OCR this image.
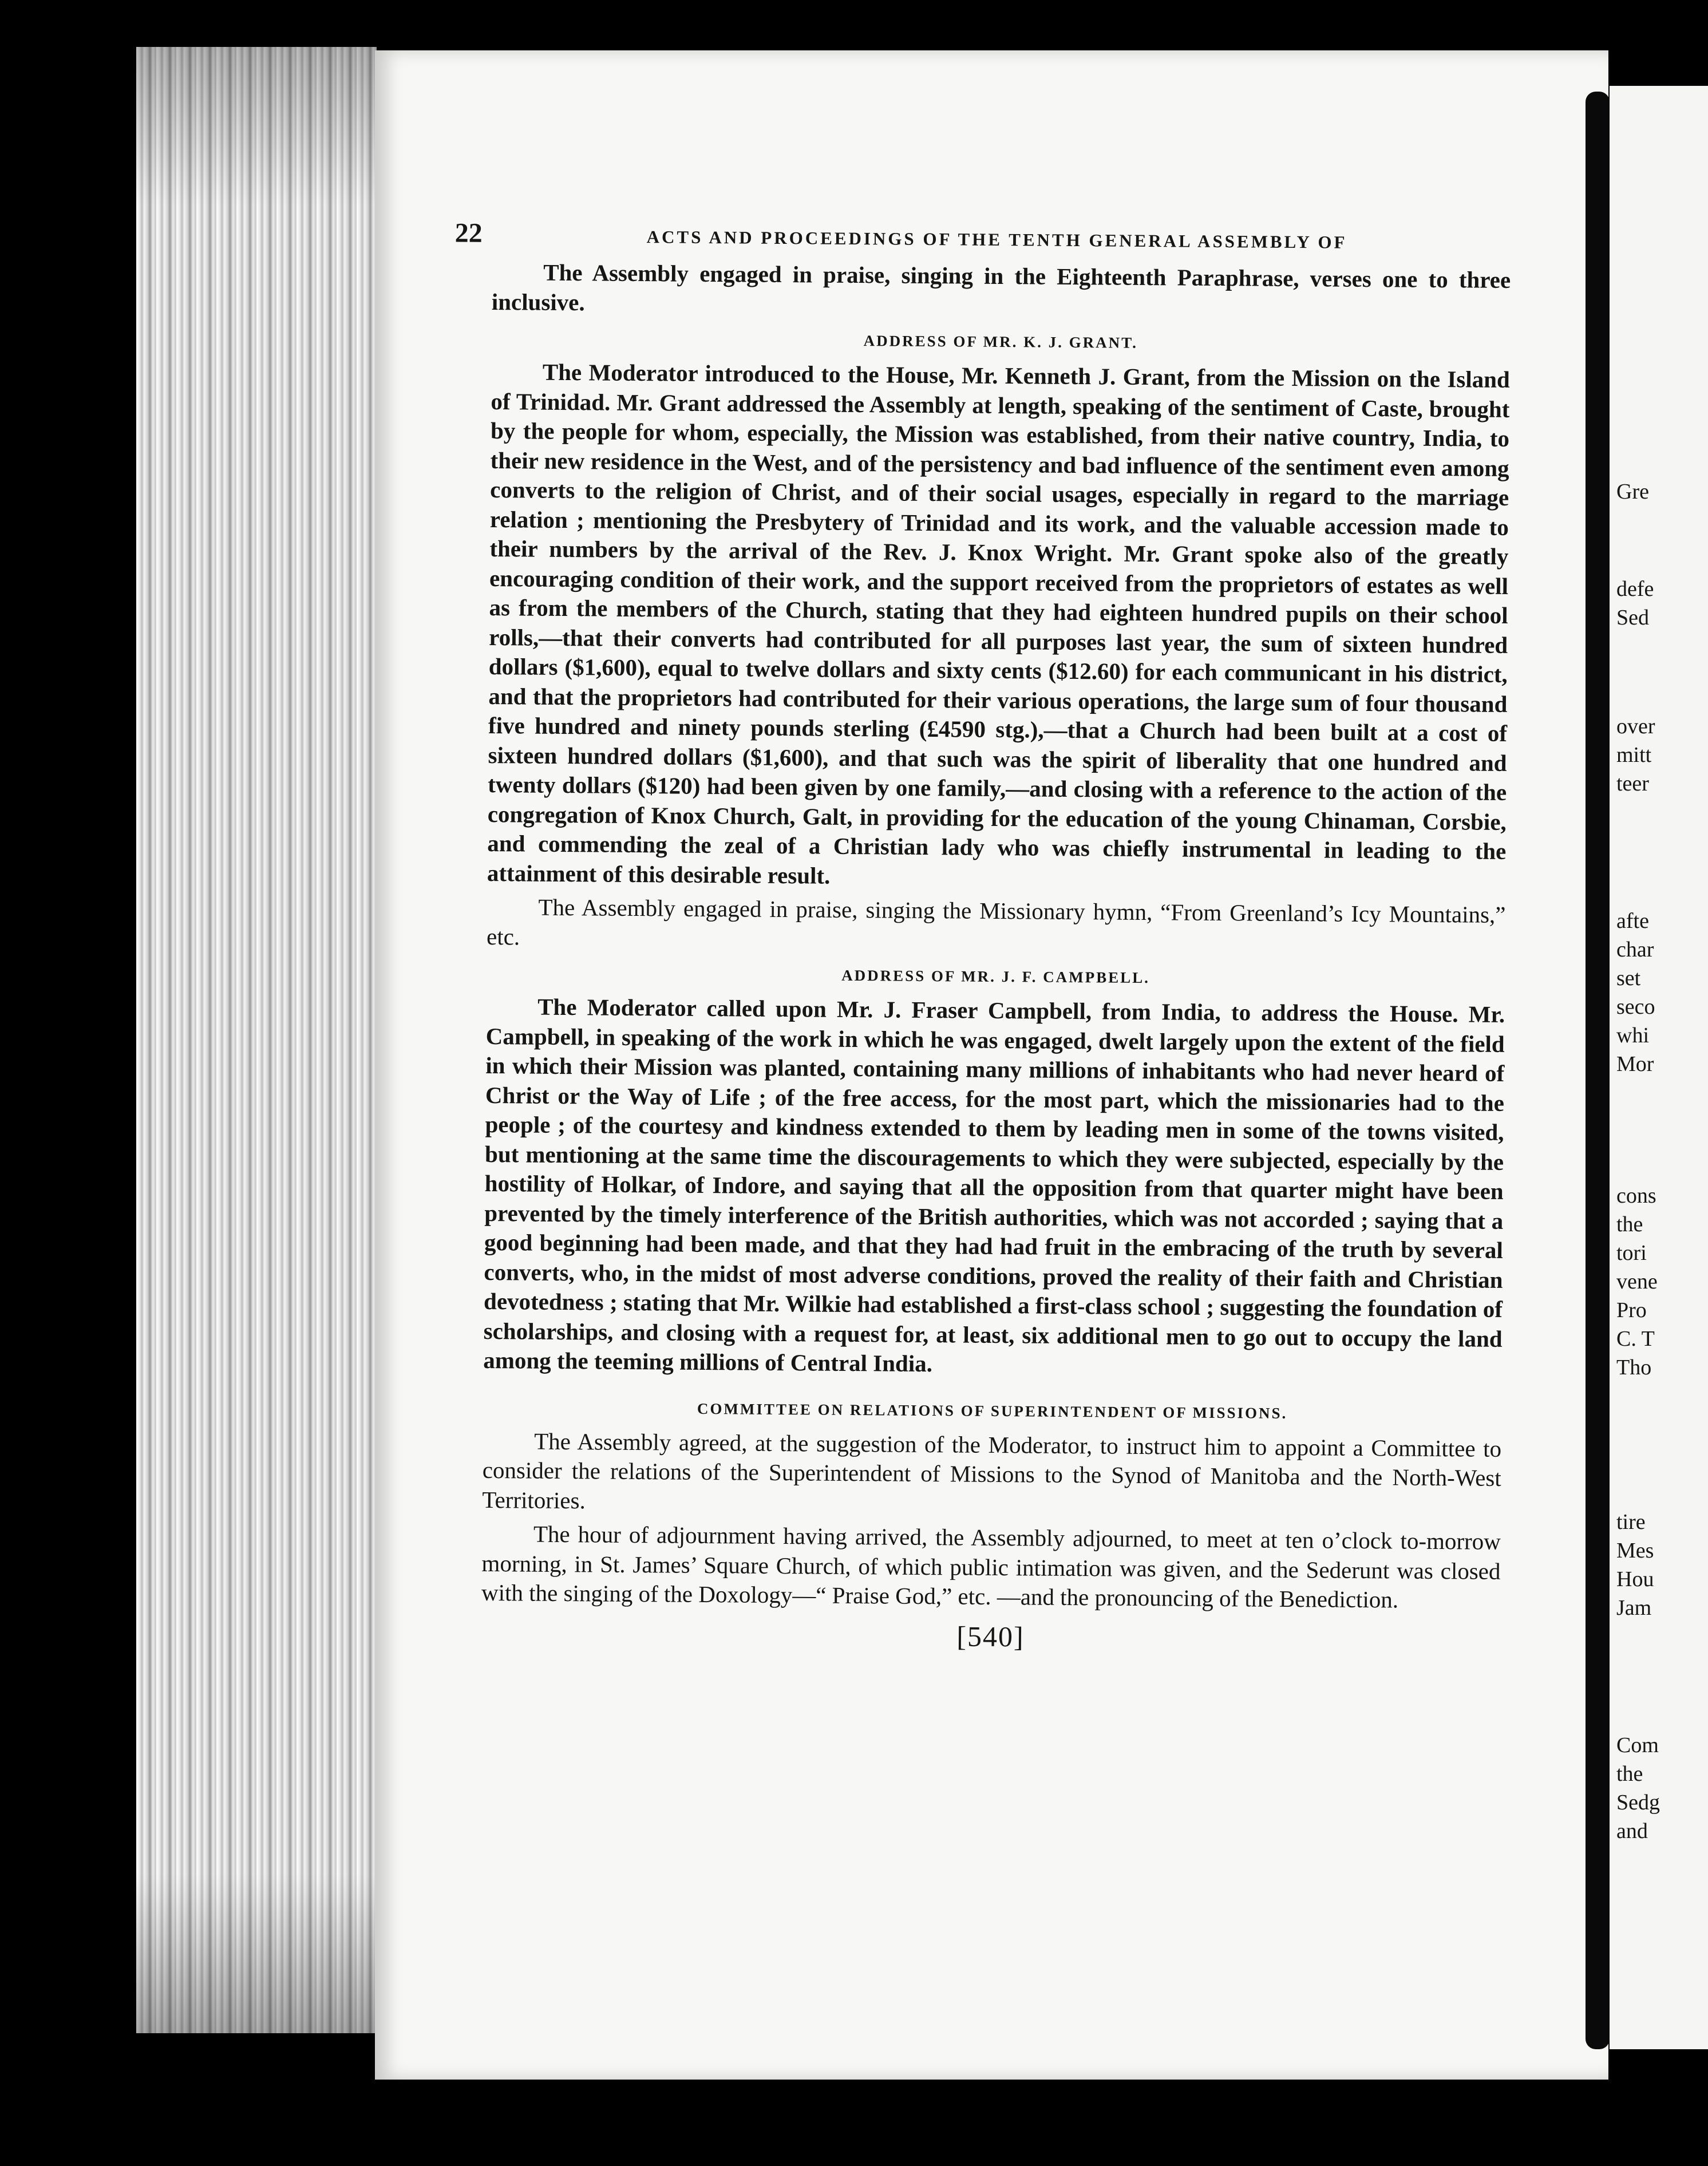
22	ACTS AND PROCEEDINGS OF THE TENTH GENERAL ASSEMBLY OF

The Assembly engaged in praise, singing in the Eighteenth Paraphrase, verses one to three inclusive.

ADDRESS OF MR. K. J. GRANT.

The Moderator introduced to the House, Mr. Kenneth J. Grant, from the Mission on the Island of Trinidad. Mr. Grant addressed the Assembly at length, speaking of the sentiment of Caste, brought by the people for whom, especially, the Mission was established, from their native country, India, to their new residence in the West, and of the persistency and bad influence of the sentiment even among converts to the religion of Christ, and of their social usages, especially in regard to the marriage relation ; mentioning the Presbytery of Trinidad and its work, and the valuable accession made to their numbers by the arrival of the Rev. J. Knox Wright. Mr. Grant spoke also of the greatly encouraging condition of their work, and the support received from the proprietors of estates as well as from the members of the Church, stating that they had eighteen hundred pupils on their school rolls,—that their converts had contributed for all purposes last year, the sum of sixteen hundred dollars ($1,600), equal to twelve dollars and sixty cents ($12.60) for each communicant in his district, and that the proprietors had contributed for their various operations, the large sum of four thousand five hundred and ninety pounds sterling (£4590 stg.),—that a Church had been built at a cost of sixteen hundred dollars ($1,600), and that such was the spirit of liberality that one hundred and twenty dollars ($120) had been given by one family,—and closing with a reference to the action of the congregation of Knox Church, Galt, in providing for the education of the young Chinaman, Corsbie, and commending the zeal of a Christian lady who was chiefly instrumental in leading to the attainment of this desirable result.

The Assembly engaged in praise, singing the Missionary hymn, “From Greenland’s Icy Mountains,” etc.

ADDRESS OF MR. J. F. CAMPBELL.

The Moderator called upon Mr. J. Fraser Campbell, from India, to address the House. Mr. Campbell, in speaking of the work in which he was engaged, dwelt largely upon the extent of the field in which their Mission was planted, containing many millions of inhabitants who had never heard of Christ or the Way of Life ; of the free access, for the most part, which the missionaries had to the people ; of the courtesy and kindness extended to them by leading men in some of the towns visited, but mentioning at the same time the discouragements to which they were subjected, especially by the hostility of Holkar, of Indore, and saying that all the opposition from that quarter might have been prevented by the timely interference of the British authorities, which was not accorded ; saying that a good beginning had been made, and that they had had fruit in the embracing of the truth by several converts, who, in the midst of most adverse conditions, proved the reality of their faith and Christian devotedness ; stating that Mr. Wilkie had established a first-class school ; suggesting the foundation of scholarships, and closing with a request for, at least, six additional men to go out to occupy the land among the teeming millions of Central India.

COMMITTEE ON RELATIONS OF SUPERINTENDENT OF MISSIONS.

The Assembly agreed, at the suggestion of the Moderator, to instruct him to appoint a Committee to consider the relations of the Superintendent of Missions to the Synod of Manitoba and the North-West Territories.

The hour of adjournment having arrived, the Assembly adjourned, to meet at ten o’clock to-morrow morning, in St. James’ Square Church, of which public intimation was given, and the Sederunt was closed with the singing of the Doxology—“ Praise God,” etc. —and the pronouncing of the Benediction.

[540]
Gre
defe
Sed
over
mitt
teer
afte
char
set
seco
whi
Mor
cons
the
tori
vene
Pro
C. T
Tho
tire
Mes
Hou
Jam
Com
the
Sedg
and
